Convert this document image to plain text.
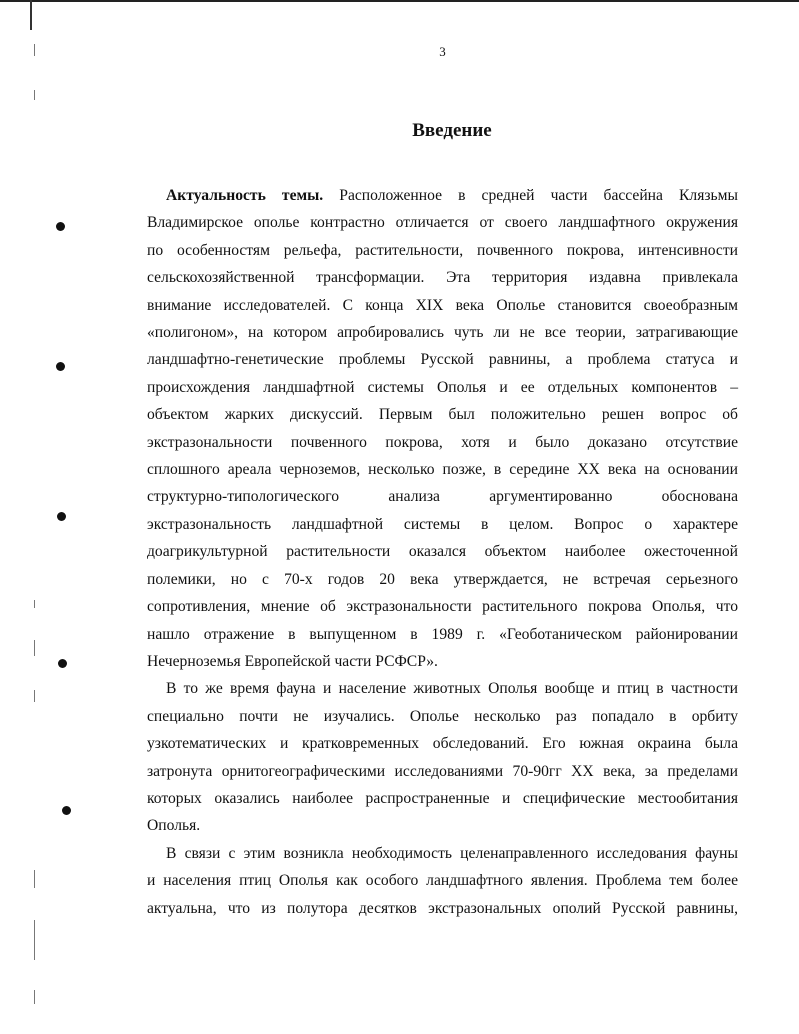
3
Введение

Актуальность темы. Расположенное в средней части бассейна Клязьмы
Владимирское ополье контрастно отличается от своего ландшафтного окружения
по особенностям рельефа, растительности, почвенного покрова, интенсивности
сельскохозяйственной трансформации. Эта территория издавна привлекала
внимание исследователей. С конца XIX века Ополье становится своеобразным
«полигоном», на котором апробировались чуть ли не все теории, затрагивающие
ландшафтно-генетические проблемы Русской равнины, а проблема статуса и
происхождения ландшафтной системы Ополья и ее отдельных компонентов –
объектом жарких дискуссий. Первым был положительно решен вопрос об
экстразональности почвенного покрова, хотя и было доказано отсутствие
сплошного ареала черноземов, несколько позже, в середине XX века на основании
структурно-типологического анализа аргументированно обоснована
экстразональность ландшафтной системы в целом. Вопрос о характере
доагрикультурной растительности оказался объектом наиболее ожесточенной
полемики, но с 70-х годов 20 века утверждается, не встречая серьезного
сопротивления, мнение об экстразональности растительного покрова Ополья, что
нашло отражение в выпущенном в 1989 г. «Геоботаническом районировании
Нечерноземья Европейской части РСФСР».

В то же время фауна и население животных Ополья вообще и птиц в частности
специально почти не изучались. Ополье несколько раз попадало в орбиту
узкотематических и кратковременных обследований. Его южная окраина была
затронута орнитогеографическими исследованиями 70-90гг XX века, за пределами
которых оказались наиболее распространенные и специфические местообитания
Ополья.

В связи с этим возникла необходимость целенаправленного исследования фауны
и населения птиц Ополья как особого ландшафтного явления. Проблема тем более
актуальна, что из полутора десятков экстразональных ополий Русской равнины,
